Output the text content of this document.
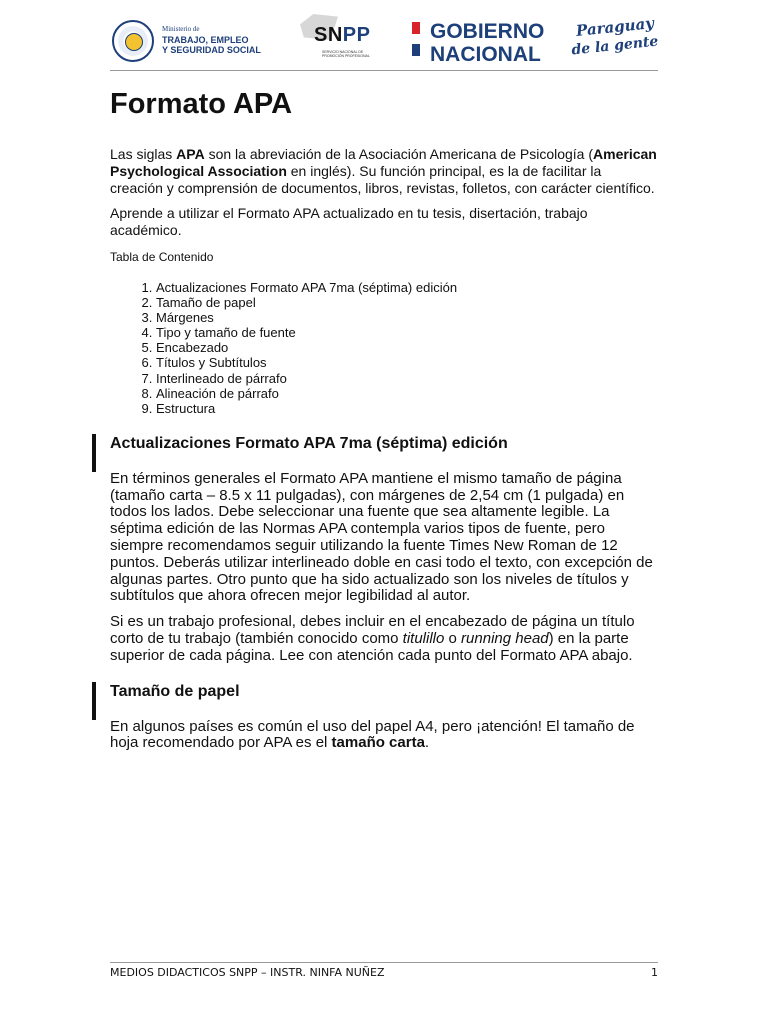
Ministerio de
TRABAJO, EMPLEO
Y SEGURIDAD SOCIAL
SNPP
SERVICIO NACIONAL DE PROMOCIÓN PROFESIONAL
GOBIERNO
NACIONAL
Paraguay
de la gente
Formato APA

Las siglas APA son la abreviación de la Asociación Americana de Psicología (American Psychological Association en inglés). Su función principal, es la de facilitar la creación y comprensión de documentos, libros, revistas, folletos, con carácter científico.

Aprende a utilizar el Formato APA actualizado en tu tesis, disertación, trabajo académico.

Tabla de Contenido

1. Actualizaciones Formato APA 7ma (séptima) edición
2. Tamaño de papel
3. Márgenes
4. Tipo y tamaño de fuente
5. Encabezado
6. Títulos y Subtítulos
7. Interlineado de párrafo
8. Alineación de párrafo
9. Estructura
Actualizaciones Formato APA 7ma (séptima) edición

En términos generales el Formato APA mantiene el mismo tamaño de página (tamaño carta – 8.5 x 11 pulgadas), con márgenes de 2,54 cm (1 pulgada) en todos los lados. Debe seleccionar una fuente que sea altamente legible. La séptima edición de las Normas APA contempla varios tipos de fuente, pero siempre recomendamos seguir utilizando la fuente Times New Roman de 12 puntos. Deberás utilizar interlineado doble en casi todo el texto, con excepción de algunas partes. Otro punto que ha sido actualizado son los niveles de títulos y subtítulos que ahora ofrecen mejor legibilidad al autor.

Si es un trabajo profesional, debes incluir en el encabezado de página un título corto de tu trabajo (también conocido como titulillo o running head) en la parte superior de cada página. Lee con atención cada punto del Formato APA abajo.

Tamaño de papel

En algunos países es común el uso del papel A4, pero ¡atención! El tamaño de hoja recomendado por APA es el tamaño carta.

MEDIOS DIDACTICOS SNPP – INSTR. NINFA NUÑEZ	1
